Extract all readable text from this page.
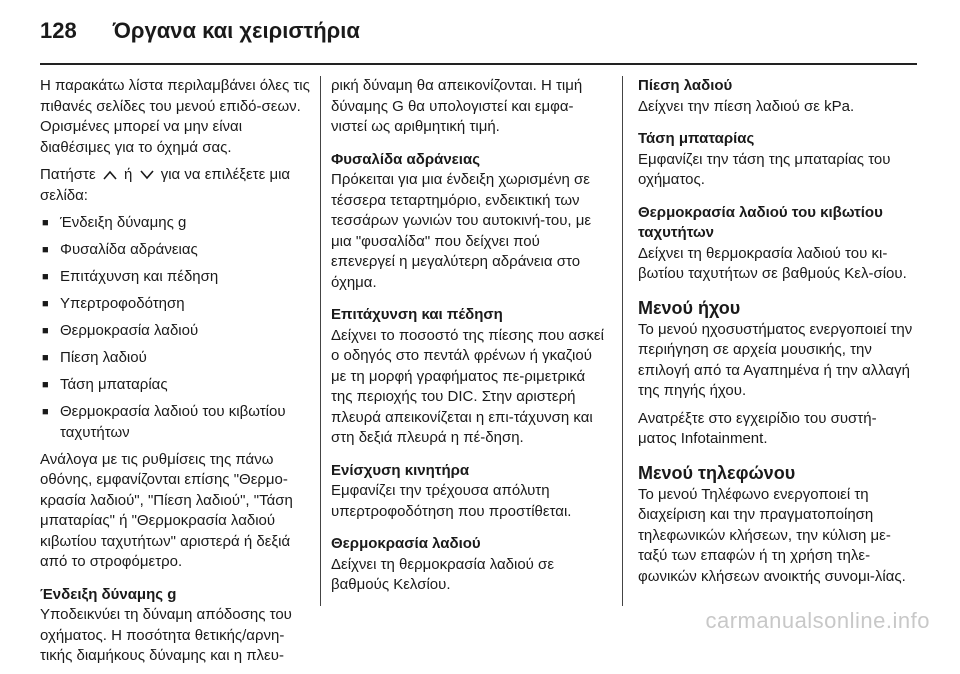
128 Όργανα και χειριστήρια

Η παρακάτω λίστα περιλαμβάνει όλες τις πιθανές σελίδες του μενού επιδό-σεων. Ορισμένες μπορεί να μην είναι διαθέσιμες για το όχημά σας.

Πατήστε ή για να επιλέξετε μια σελίδα:

■ Ένδειξη δύναμης g
■ Φυσαλίδα αδράνειας
■ Επιτάχυνση και πέδηση
■ Υπερτροφοδότηση
■ Θερμοκρασία λαδιού
■ Πίεση λαδιού
■ Τάση μπαταρίας
■ Θερμοκρασία λαδιού του κιβωτίου ταχυτήτων

Ανάλογα με τις ρυθμίσεις της πάνω οθόνης, εμφανίζονται επίσης "Θερμο-κρασία λαδιού", "Πίεση λαδιού", "Τάση μπαταρίας" ή "Θερμοκρασία λαδιού κιβωτίου ταχυτήτων" αριστερά ή δεξιά από το στροφόμετρο.

Ένδειξη δύναμης g

Υποδεικνύει τη δύναμη απόδοσης του οχήματος. Η ποσότητα θετικής/αρνη-τικής διαμήκους δύναμης και η πλευ-

ρική δύναμη θα απεικονίζονται. Η τιμή δύναμης G θα υπολογιστεί και εμφα-νιστεί ως αριθμητική τιμή.

Φυσαλίδα αδράνειας

Πρόκειται για μια ένδειξη χωρισμένη σε τέσσερα τεταρτημόριο, ενδεικτική των τεσσάρων γωνιών του αυτοκινή-του, με μια "φυσαλίδα" που δείχνει πού επενεργεί η μεγαλύτερη αδράνεια στο όχημα.

Επιτάχυνση και πέδηση

Δείχνει το ποσοστό της πίεσης που ασκεί ο οδηγός στο πεντάλ φρένων ή γκαζιού με τη μορφή γραφήματος πε-ριμετρικά της περιοχής του DIC. Στην αριστερή πλευρά απεικονίζεται η επι-τάχυνση και στη δεξιά πλευρά η πέ-δηση.

Ενίσχυση κινητήρα

Εμφανίζει την τρέχουσα απόλυτη υπερτροφοδότηση που προστίθεται.

Θερμοκρασία λαδιού

Δείχνει τη θερμοκρασία λαδιού σε βαθμούς Κελσίου.

Πίεση λαδιού

Δείχνει την πίεση λαδιού σε kPa.

Τάση μπαταρίας

Εμφανίζει την τάση της μπαταρίας του οχήματος.

Θερμοκρασία λαδιού του κιβωτίου ταχυτήτων

Δείχνει τη θερμοκρασία λαδιού του κι-βωτίου ταχυτήτων σε βαθμούς Κελ-σίου.

Μενού ήχου

Το μενού ηχοσυστήματος ενεργοποιεί την περιήγηση σε αρχεία μουσικής, την επιλογή από τα Αγαπημένα ή την αλλαγή της πηγής ήχου.

Ανατρέξτε στο εγχειρίδιο του συστή-ματος Infotainment.

Μενού τηλεφώνου

Το μενού Τηλέφωνο ενεργοποιεί τη διαχείριση και την πραγματοποίηση τηλεφωνικών κλήσεων, την κύλιση με-ταξύ των επαφών ή τη χρήση τηλε-φωνικών κλήσεων ανοικτής συνομι-λίας.

carmanualsonline.info
